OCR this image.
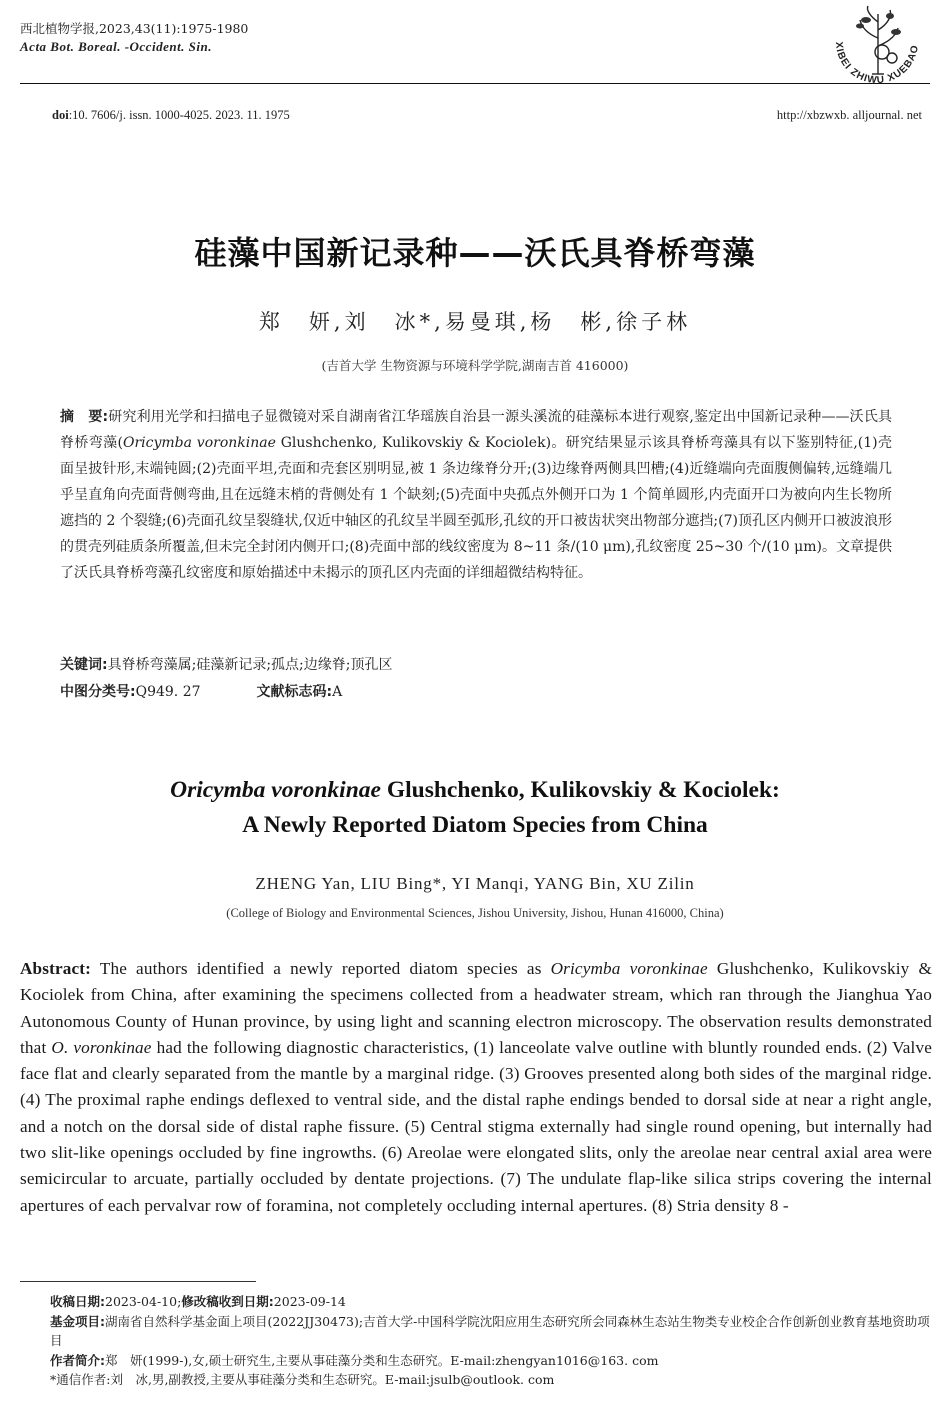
西北植物学报,2023,43(11):1975-1980
Acta Bot. Boreal. -Occident. Sin.	XIBEI ZHIWU XUEBAO
doi:10. 7606/j. issn. 1000-4025. 2023. 11. 1975	http://xbzwxb. alljournal. net
硅藻中国新记录种——沃氏具脊桥弯藻
郑　妍,刘　冰*,易曼琪,杨　彬,徐子林
(吉首大学 生物资源与环境科学学院,湖南吉首 416000)
摘　要:研究利用光学和扫描电子显微镜对采自湖南省江华瑶族自治县一源头溪流的硅藻标本进行观察,鉴定出中国新记录种——沃氏具脊桥弯藻(Oricymba voronkinae Glushchenko, Kulikovskiy & Kociolek)。研究结果显示该具脊桥弯藻具有以下鉴别特征,(1)壳面呈披针形,末端钝圆;(2)壳面平坦,壳面和壳套区别明显,被 1 条边缘脊分开;(3)边缘脊两侧具凹槽;(4)近缝端向壳面腹侧偏转,远缝端几乎呈直角向壳面背侧弯曲,且在远缝末梢的背侧处有 1 个缺刻;(5)壳面中央孤点外侧开口为 1 个简单圆形,内壳面开口为被向内生长物所遮挡的 2 个裂缝;(6)壳面孔纹呈裂缝状,仅近中轴区的孔纹呈半圆至弧形,孔纹的开口被齿状突出物部分遮挡;(7)顶孔区内侧开口被波浪形的贯壳列硅质条所覆盖,但未完全封闭内侧开口;(8)壳面中部的线纹密度为 8~11 条/(10 μm),孔纹密度 25~30 个/(10 μm)。文章提供了沃氏具脊桥弯藻孔纹密度和原始描述中未揭示的顶孔区内壳面的详细超微结构特征。
关键词:具脊桥弯藻属;硅藻新记录;孤点;边缘脊;顶孔区
中图分类号:Q949. 27	文献标志码:A
Oricymba voronkinae Glushchenko, Kulikovskiy & Kociolek:
A Newly Reported Diatom Species from China
ZHENG Yan, LIU Bing*, YI Manqi, YANG Bin, XU Zilin
(College of Biology and Environmental Sciences, Jishou University, Jishou, Hunan 416000, China)
Abstract: The authors identified a newly reported diatom species as Oricymba voronkinae Glushchenko, Kulikovskiy & Kociolek from China, after examining the specimens collected from a headwater stream, which ran through the Jianghua Yao Autonomous County of Hunan province, by using light and scanning electron microscopy. The observation results demonstrated that O. voronkinae had the following diagnostic characteristics, (1) lanceolate valve outline with bluntly rounded ends. (2) Valve face flat and clearly separated from the mantle by a marginal ridge. (3) Grooves presented along both sides of the marginal ridge. (4) The proximal raphe endings deflexed to ventral side, and the distal raphe endings bended to dorsal side at near a right angle, and a notch on the dorsal side of distal raphe fissure. (5) Central stigma externally had single round opening, but internally had two slit-like openings occluded by fine ingrowths. (6) Areolae were elongated slits, only the areolae near central axial area were semicircular to arcuate, partially occluded by dentate projections. (7) The undulate flap-like silica strips covering the internal apertures of each pervalvar row of foramina, not completely occluding internal apertures. (8) Stria density 8 -
收稿日期:2023-04-10;修改稿收到日期:2023-09-14
基金项目:湖南省自然科学基金面上项目(2022JJ30473);吉首大学-中国科学院沈阳应用生态研究所会同森林生态站生物类专业校企合作创新创业教育基地资助项目
作者简介:郑　妍(1999-),女,硕士研究生,主要从事硅藻分类和生态研究。E-mail:zhengyan1016@163. com
*通信作者:刘　冰,男,副教授,主要从事硅藻分类和生态研究。E-mail:jsulb@outlook. com
